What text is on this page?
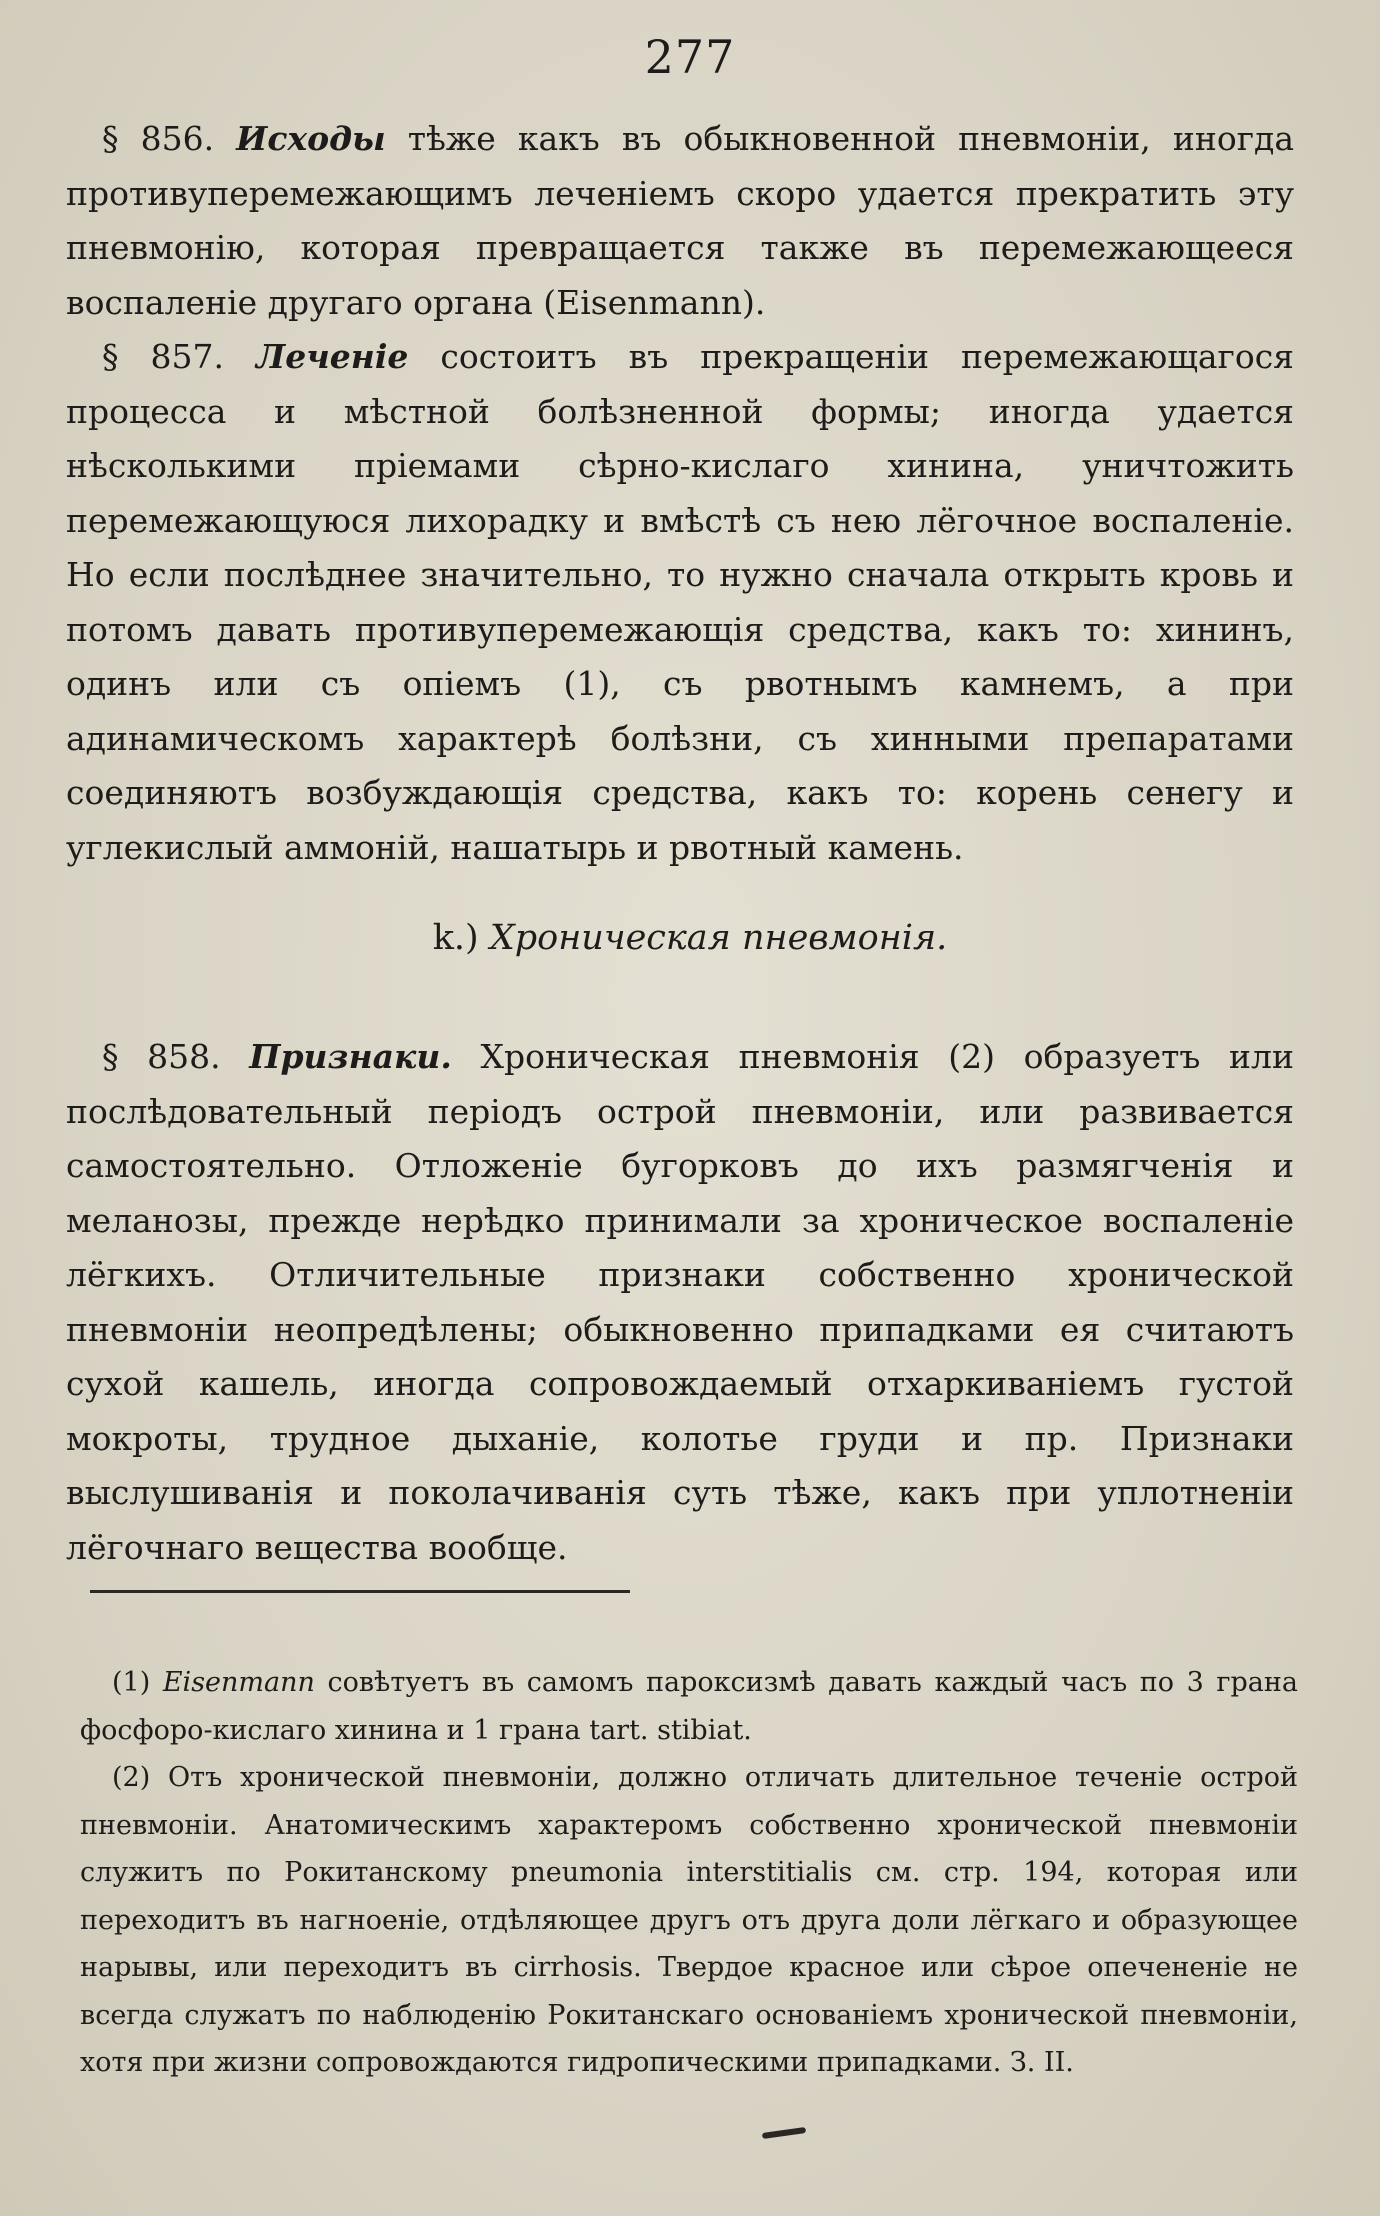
277

§ 856. Исходы тѣже какъ въ обыкновенной пневмоніи, иногда противуперемежающимъ леченіемъ скоро удается прекратить эту пневмонію, которая превращается также въ перемежающееся воспаленіе другаго органа (Eisenmann).

§ 857. Леченіе состоитъ въ прекращеніи перемежающагося процесса и мѣстной болѣзненной формы; иногда удается нѣсколькими пріемами сѣрно-кислаго хинина, уничтожить перемежающуюся лихорадку и вмѣстѣ съ нею лёгочное воспаленіе. Но если послѣднее значительно, то нужно сначала открыть кровь и потомъ давать противуперемежающія средства, какъ то: хининъ, одинъ или съ опіемъ (1), съ рвотнымъ камнемъ, а при адинамическомъ характерѣ болѣзни, съ хинными препаратами соединяютъ возбуждающія средства, какъ то: корень сенегу и углекислый аммоній, нашатырь и рвотный камень.

k.) Хроническая пневмонія.

§ 858. Признаки. Хроническая пневмонія (2) образуетъ или послѣдовательный періодъ острой пневмоніи, или развивается самостоятельно. Отложеніе бугорковъ до ихъ размягченія и меланозы, прежде нерѣдко принимали за хроническое воспаленіе лёгкихъ. Отличительные признаки собственно хронической пневмоніи неопредѣлены; обыкновенно припадками ея считаютъ сухой кашель, иногда сопровождаемый отхаркиваніемъ густой мокроты, трудное дыханіе, колотье груди и пр. Признаки выслушиванія и поколачиванія суть тѣже, какъ при уплотненіи лёгочнаго вещества вообще.

(1) Eisenmann совѣтуетъ въ самомъ пароксизмѣ давать каждый часъ по 3 грана фосфоро-кислаго хинина и 1 грана tart. stibiat.

(2) Отъ хронической пневмоніи, должно отличать длительное теченіе острой пневмоніи. Анатомическимъ характеромъ собственно хронической пневмоніи служитъ по Рокитанскому pneumonia interstitialis см. стр. 194, которая или переходитъ въ нагноеніе, отдѣляющее другъ отъ друга доли лёгкаго и образующее нарывы, или переходитъ въ cirrhosis. Твердое красное или сѣрое опечененіе не всегда служатъ по наблюденію Рокитанскаго основаніемъ хронической пневмоніи, хотя при жизни сопровождаются гидропическими припадками. З. II.
